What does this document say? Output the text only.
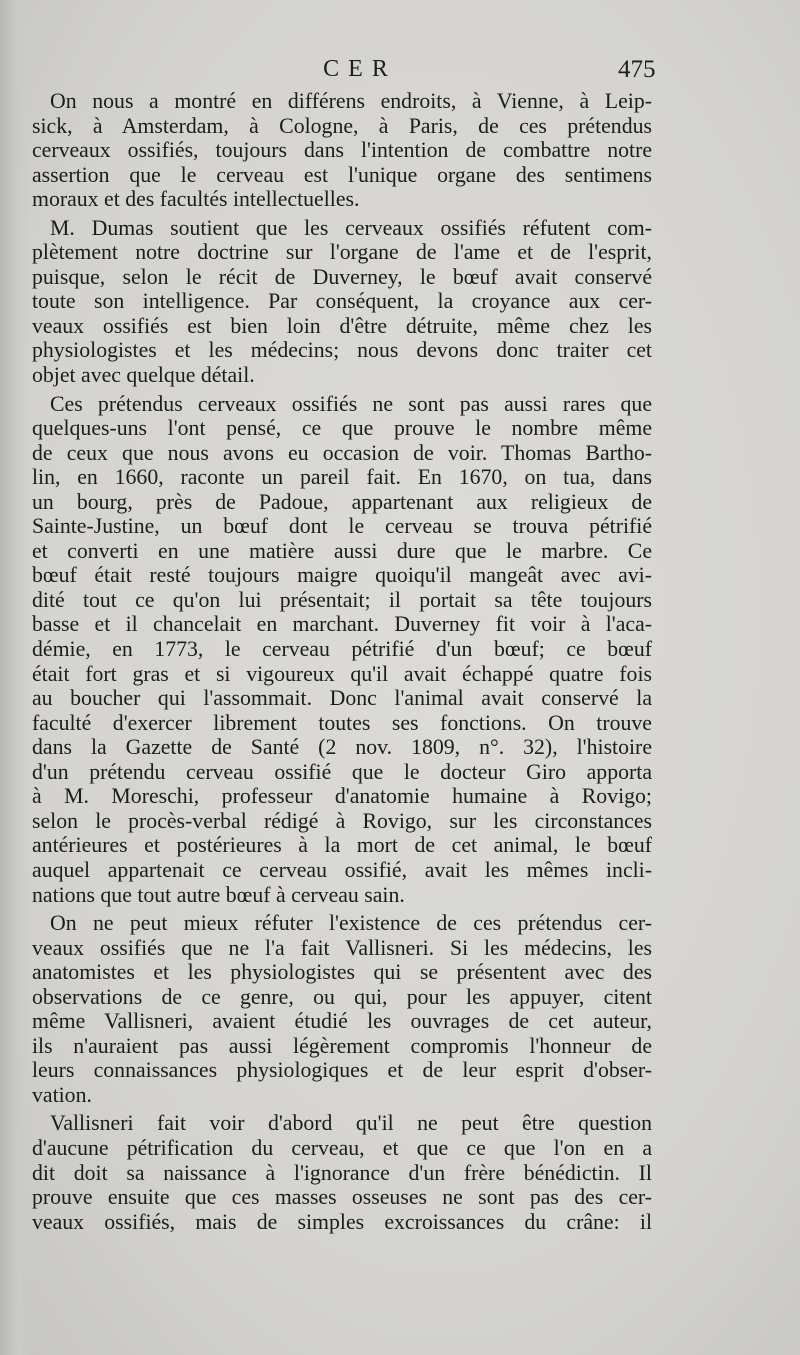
CER	475

On nous a montré en différens endroits, à Vienne, à Leip-
sick, à Amsterdam, à Cologne, à Paris, de ces prétendus
cerveaux ossifiés, toujours dans l'intention de combattre notre
assertion que le cerveau est l'unique organe des sentimens
moraux et des facultés intellectuelles.

M. Dumas soutient que les cerveaux ossifiés réfutent com-
plètement notre doctrine sur l'organe de l'ame et de l'esprit,
puisque, selon le récit de Duverney, le bœuf avait conservé
toute son intelligence. Par conséquent, la croyance aux cer-
veaux ossifiés est bien loin d'être détruite, même chez les
physiologistes et les médecins; nous devons donc traiter cet
objet avec quelque détail.

Ces prétendus cerveaux ossifiés ne sont pas aussi rares que
quelques-uns l'ont pensé, ce que prouve le nombre même
de ceux que nous avons eu occasion de voir. Thomas Bartho-
lin, en 1660, raconte un pareil fait. En 1670, on tua, dans
un bourg, près de Padoue, appartenant aux religieux de
Sainte-Justine, un bœuf dont le cerveau se trouva pétrifié
et converti en une matière aussi dure que le marbre. Ce
bœuf était resté toujours maigre quoiqu'il mangeât avec avi-
dité tout ce qu'on lui présentait; il portait sa tête toujours
basse et il chancelait en marchant. Duverney fit voir à l'aca-
démie, en 1773, le cerveau pétrifié d'un bœuf; ce bœuf
était fort gras et si vigoureux qu'il avait échappé quatre fois
au boucher qui l'assommait. Donc l'animal avait conservé la
faculté d'exercer librement toutes ses fonctions. On trouve
dans la Gazette de Santé (2 nov. 1809, n°. 32), l'histoire
d'un prétendu cerveau ossifié que le docteur Giro apporta
à M. Moreschi, professeur d'anatomie humaine à Rovigo;
selon le procès-verbal rédigé à Rovigo, sur les circonstances
antérieures et postérieures à la mort de cet animal, le bœuf
auquel appartenait ce cerveau ossifié, avait les mêmes incli-
nations que tout autre bœuf à cerveau sain.

On ne peut mieux réfuter l'existence de ces prétendus cer-
veaux ossifiés que ne l'a fait Vallisneri. Si les médecins, les
anatomistes et les physiologistes qui se présentent avec des
observations de ce genre, ou qui, pour les appuyer, citent
même Vallisneri, avaient étudié les ouvrages de cet auteur,
ils n'auraient pas aussi légèrement compromis l'honneur de
leurs connaissances physiologiques et de leur esprit d'obser-
vation.

Vallisneri fait voir d'abord qu'il ne peut être question
d'aucune pétrification du cerveau, et que ce que l'on en a
dit doit sa naissance à l'ignorance d'un frère bénédictin. Il
prouve ensuite que ces masses osseuses ne sont pas des cer-
veaux ossifiés, mais de simples excroissances du crâne: il
